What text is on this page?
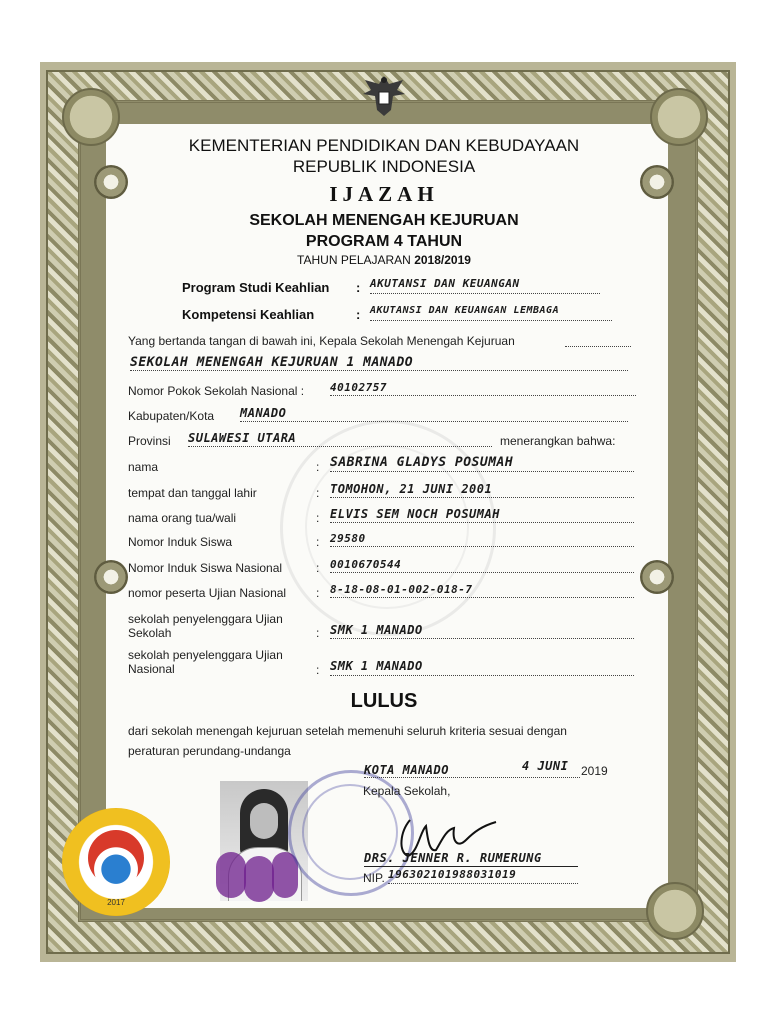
KEMENTERIAN PENDIDIKAN DAN KEBUDAYAAN
REPUBLIK INDONESIA
IJAZAH
SEKOLAH MENENGAH KEJURUAN
PROGRAM 4 TAHUN
TAHUN PELAJARAN 2018/2019
Program Studi Keahlian : AKUTANSI DAN KEUANGAN
Kompetensi Keahlian	: AKUTANSI DAN KEUANGAN LEMBAGA
Yang bertanda tangan di bawah ini, Kepala Sekolah Menengah Kejuruan
SEKOLAH MENENGAH KEJURUAN 1 MANADO
Nomor Pokok Sekolah Nasional : 40102757
Kabupaten/Kota MANADO
Provinsi SULAWESI UTARA	menerangkan bahwa:
nama	: SABRINA GLADYS POSUMAH
tempat dan tanggal lahir	: TOMOHON, 21 JUNI 2001
nama orang tua/wali	: ELVIS SEM NOCH POSUMAH
Nomor Induk Siswa	: 29580
Nomor Induk Siswa Nasional	: 0010670544
nomor peserta Ujian Nasional : 8-18-08-01-002-018-7
sekolah penyelenggara Ujian
Sekolah	: SMK 1 MANADO
sekolah penyelenggara Ujian
Nasional	: SMK 1 MANADO
LULUS
dari sekolah menengah kejuruan setelah memenuhi seluruh kriteria sesuai dengan
peraturan perundang-undanga
2017
KOTA MANADO	4 JUNI 2019
Kepala Sekolah,
DRS. JENNER R. RUMERUNG
NIP. 196302101988031019
